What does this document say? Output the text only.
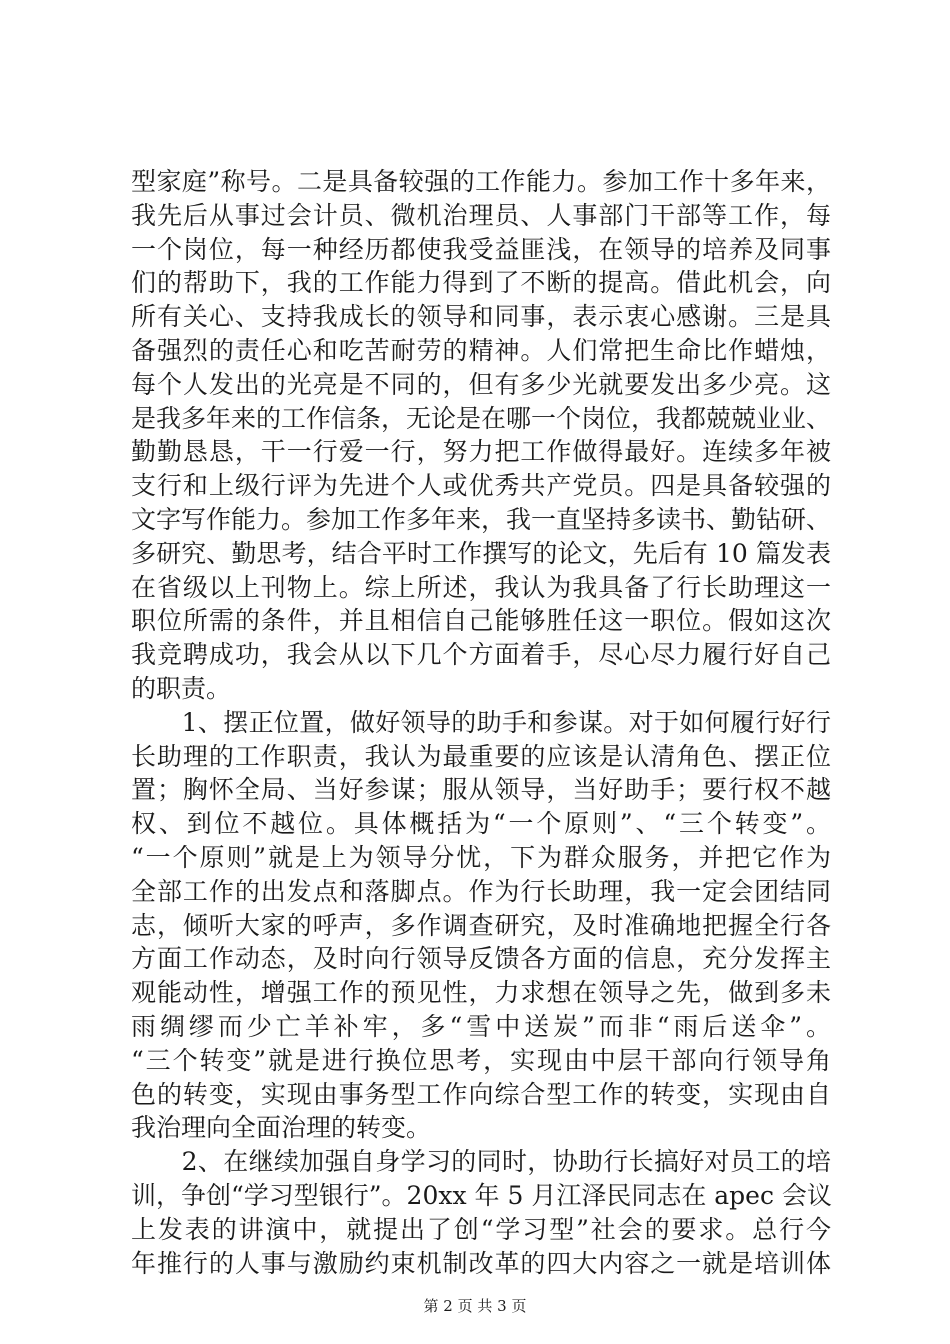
型家庭”称号。二是具备较强的工作能力。参加工作十多年来，
我先后从事过会计员、微机治理员、人事部门干部等工作，每
一个岗位，每一种经历都使我受益匪浅，在领导的培养及同事
们的帮助下，我的工作能力得到了不断的提高。借此机会，向
所有关心、支持我成长的领导和同事，表示衷心感谢。三是具
备强烈的责任心和吃苦耐劳的精神。人们常把生命比作蜡烛，
每个人发出的光亮是不同的，但有多少光就要发出多少亮。这
是我多年来的工作信条，无论是在哪一个岗位，我都兢兢业业、
勤勤恳恳，干一行爱一行，努力把工作做得最好。连续多年被
支行和上级行评为先进个人或优秀共产党员。四是具备较强的
文字写作能力。参加工作多年来，我一直坚持多读书、勤钻研、
多研究、勤思考，结合平时工作撰写的论文，先后有 10 篇发表
在省级以上刊物上。综上所述，我认为我具备了行长助理这一
职位所需的条件，并且相信自己能够胜任这一职位。假如这次
我竞聘成功，我会从以下几个方面着手，尽心尽力履行好自己
的职责。
　　1、摆正位置，做好领导的助手和参谋。对于如何履行好行
长助理的工作职责，我认为最重要的应该是认清角色、摆正位
置；胸怀全局、当好参谋；服从领导，当好助手；要行权不越
权、到位不越位。具体概括为“一个原则”、“三个转变”。
“一个原则”就是上为领导分忧，下为群众服务，并把它作为
全部工作的出发点和落脚点。作为行长助理，我一定会团结同
志，倾听大家的呼声，多作调查研究，及时准确地把握全行各
方面工作动态，及时向行领导反馈各方面的信息，充分发挥主
观能动性，增强工作的预见性，力求想在领导之先，做到多未
雨绸缪而少亡羊补牢，多“雪中送炭”而非“雨后送伞”。
“三个转变”就是进行换位思考，实现由中层干部向行领导角
色的转变，实现由事务型工作向综合型工作的转变，实现由自
我治理向全面治理的转变。
　　2、在继续加强自身学习的同时，协助行长搞好对员工的培
训，争创“学习型银行”。20xx 年 5 月江泽民同志在 apec 会议
上发表的讲演中，就提出了创“学习型”社会的要求。总行今
年推行的人事与激励约束机制改革的四大内容之一就是培训体
第 2 页 共 3 页
